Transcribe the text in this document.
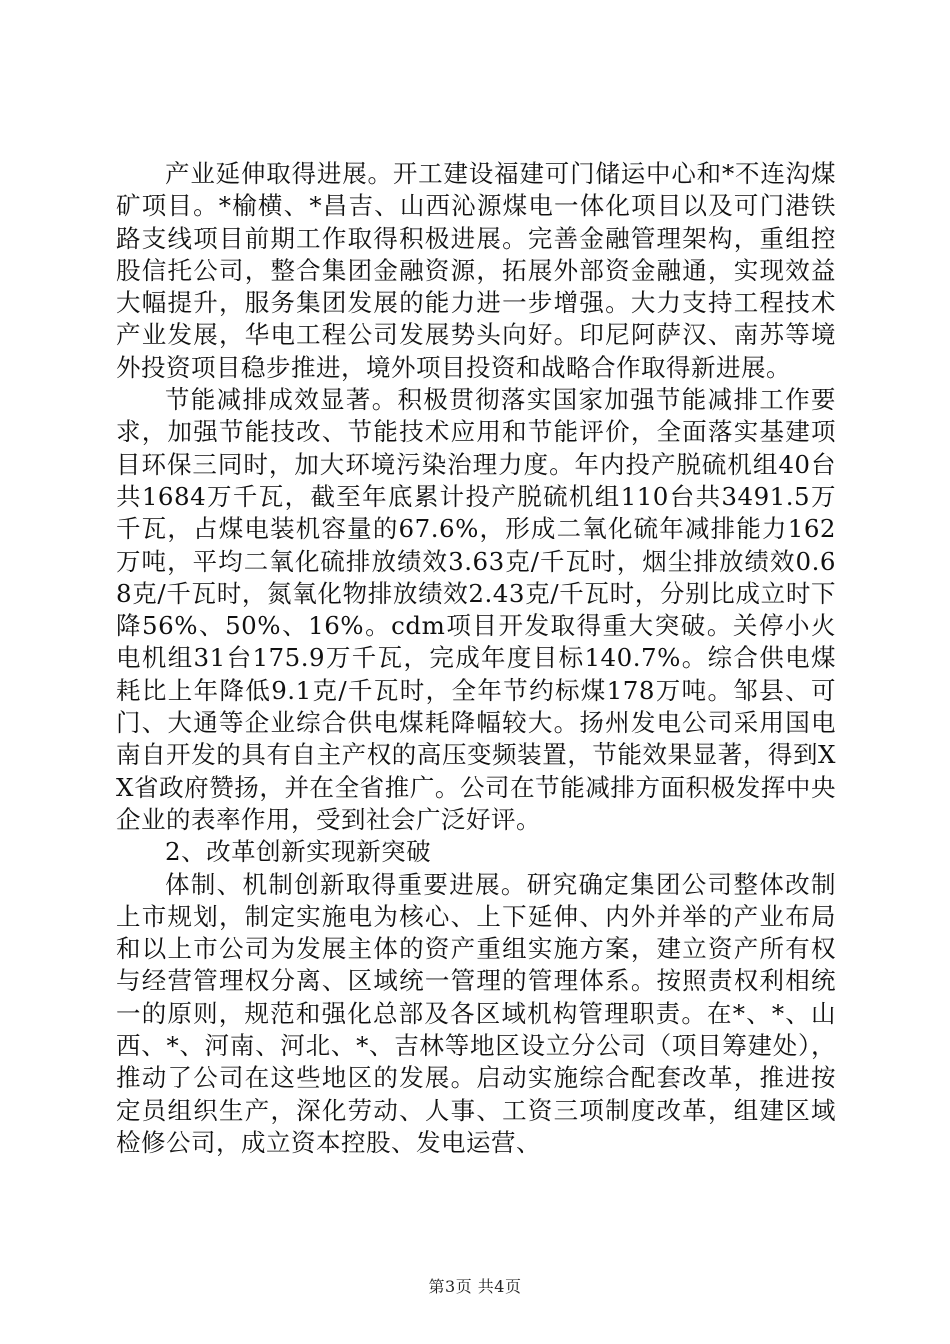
产业延伸取得进展。开工建设福建可门储运中心和*不连沟煤矿项目。*榆横、*昌吉、山西沁源煤电一体化项目以及可门港铁路支线项目前期工作取得积极进展。完善金融管理架构，重组控股信托公司，整合集团金融资源，拓展外部资金融通，实现效益大幅提升，服务集团发展的能力进一步增强。大力支持工程技术产业发展，华电工程公司发展势头向好。印尼阿萨汉、南苏等境外投资项目稳步推进，境外项目投资和战略合作取得新进展。

节能减排成效显著。积极贯彻落实国家加强节能减排工作要求，加强节能技改、节能技术应用和节能评价，全面落实基建项目环保三同时，加大环境污染治理力度。年内投产脱硫机组40台共1684万千瓦，截至年底累计投产脱硫机组110台共3491.5万千瓦，占煤电装机容量的67.6%，形成二氧化硫年减排能力162万吨，平均二氧化硫排放绩效3.63克/千瓦时，烟尘排放绩效0.68克/千瓦时，氮氧化物排放绩效2.43克/千瓦时，分别比成立时下降56%、50%、16%。cdm项目开发取得重大突破。关停小火电机组31台175.9万千瓦，完成年度目标140.7%。综合供电煤耗比上年降低9.1克/千瓦时，全年节约标煤178万吨。邹县、可门、大通等企业综合供电煤耗降幅较大。扬州发电公司采用国电南自开发的具有自主产权的高压变频装置，节能效果显著，得到XX省政府赞扬，并在全省推广。公司在节能减排方面积极发挥中央企业的表率作用，受到社会广泛好评。

2、改革创新实现新突破

体制、机制创新取得重要进展。研究确定集团公司整体改制上市规划，制定实施电为核心、上下延伸、内外并举的产业布局和以上市公司为发展主体的资产重组实施方案，建立资产所有权与经营管理权分离、区域统一管理的管理体系。按照责权利相统一的原则，规范和强化总部及各区域机构管理职责。在*、*、山西、*、河南、河北、*、吉林等地区设立分公司（项目筹建处），推动了公司在这些地区的发展。启动实施综合配套改革，推进按定员组织生产，深化劳动、人事、工资三项制度改革，组建区域检修公司，成立资本控股、发电运营、

第3页 共4页
